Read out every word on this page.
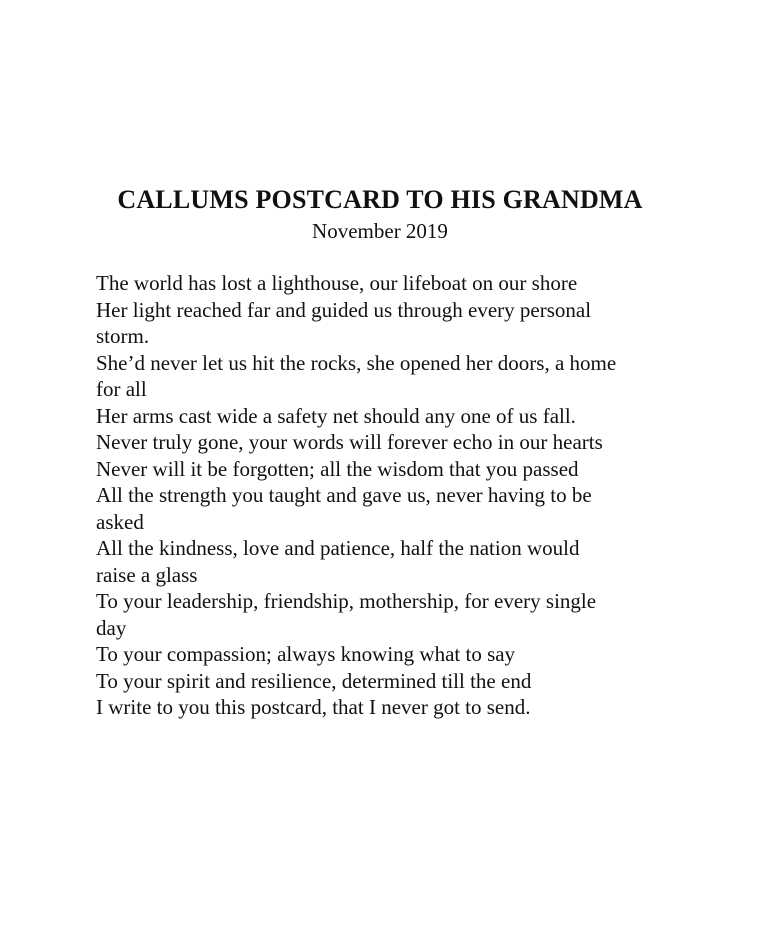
CALLUMS POSTCARD TO HIS GRANDMA

November 2019

The world has lost a lighthouse, our lifeboat on our shore
Her light reached far and guided us through every personal
storm.
She’d never let us hit the rocks, she opened her doors, a home
for all
Her arms cast wide a safety net should any one of us fall.
Never truly gone, your words will forever echo in our hearts
Never will it be forgotten; all the wisdom that you passed
All the strength you taught and gave us, never having to be
asked
All the kindness, love and patience, half the nation would
raise a glass
To your leadership, friendship, mothership, for every single
day
To your compassion; always knowing what to say
To your spirit and resilience, determined till the end
I write to you this postcard, that I never got to send.
